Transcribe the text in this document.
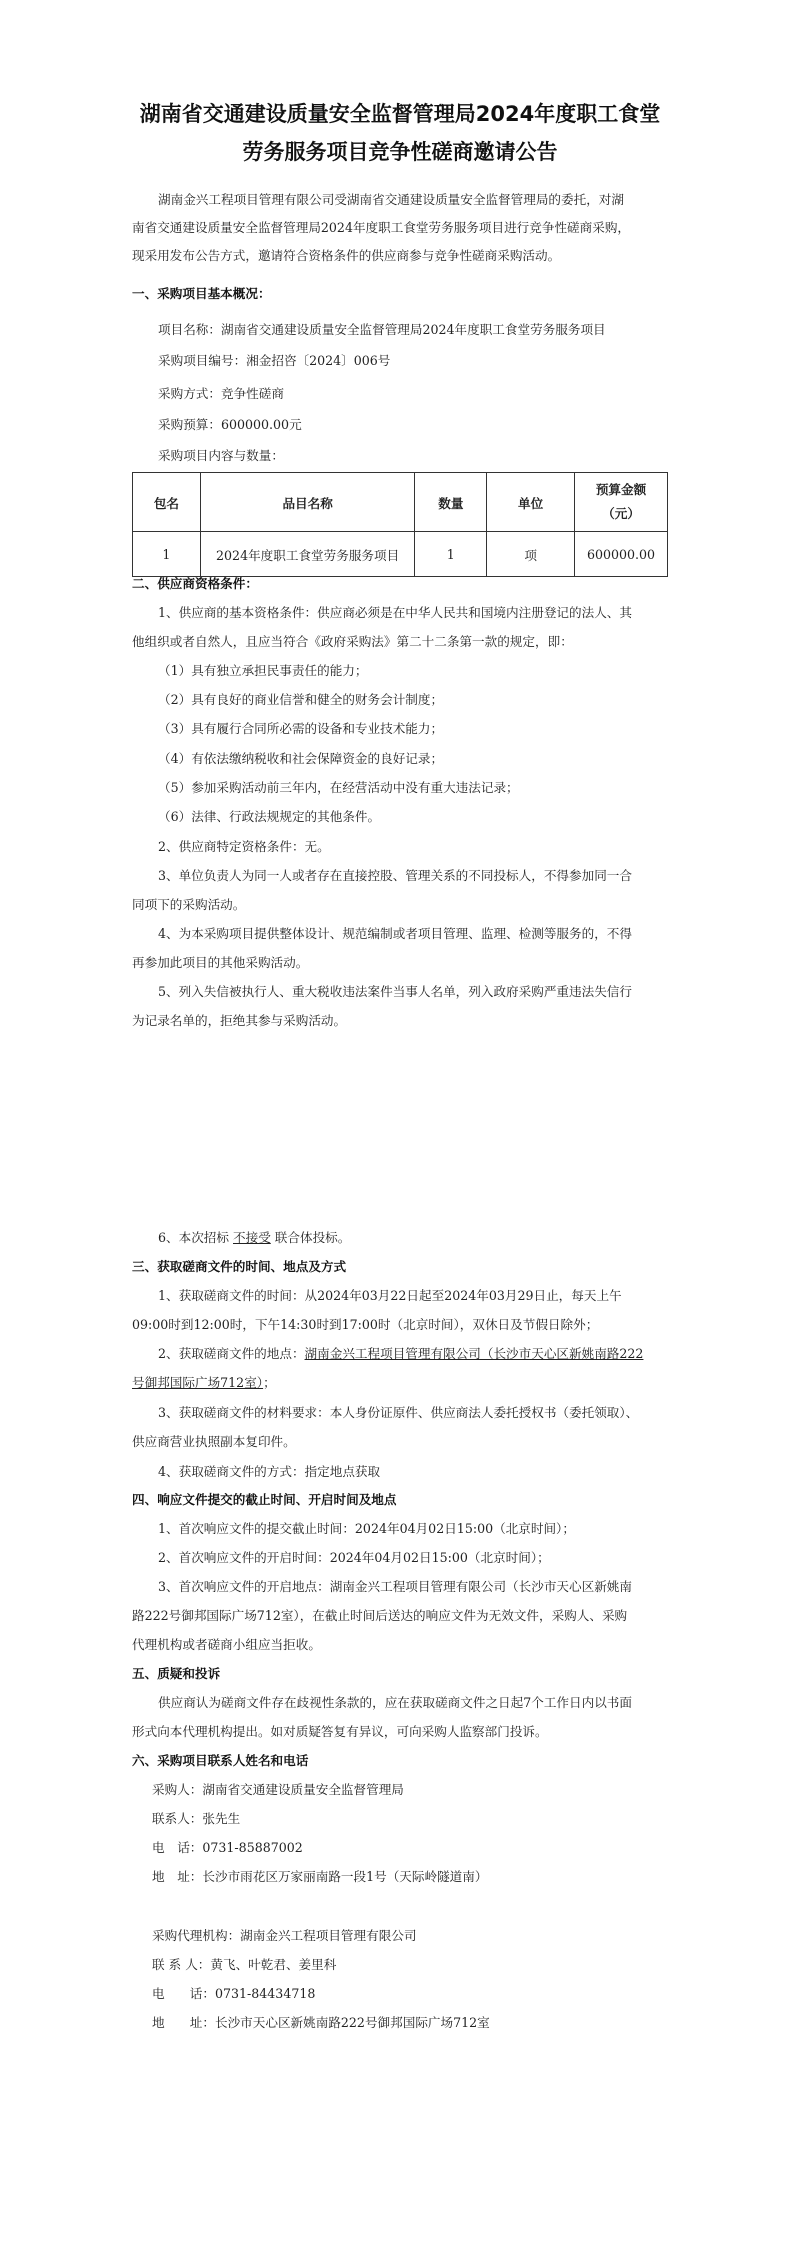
湖南省交通建设质量安全监督管理局2024年度职工食堂
劳务服务项目竞争性磋商邀请公告
湖南金兴工程项目管理有限公司受湖南省交通建设质量安全监督管理局的委托，对湖
南省交通建设质量安全监督管理局2024年度职工食堂劳务服务项目进行竞争性磋商采购，
现采用发布公告方式，邀请符合资格条件的供应商参与竞争性磋商采购活动。
一、采购项目基本概况：
项目名称：湖南省交通建设质量安全监督管理局2024年度职工食堂劳务服务项目
采购项目编号：湘金招咨〔2024〕006号
采购方式：竞争性磋商
采购预算：600000.00元
采购项目内容与数量：
包名	品目名称	数量	单位	预算金额
（元）
1	2024年度职工食堂劳务服务项目	1	项	600000.00
二、供应商资格条件：
1、供应商的基本资格条件：供应商必须是在中华人民共和国境内注册登记的法人、其
他组织或者自然人，且应当符合《政府采购法》第二十二条第一款的规定，即：
（1）具有独立承担民事责任的能力；
（2）具有良好的商业信誉和健全的财务会计制度；
（3）具有履行合同所必需的设备和专业技术能力；
（4）有依法缴纳税收和社会保障资金的良好记录；
（5）参加采购活动前三年内，在经营活动中没有重大违法记录；
（6）法律、行政法规规定的其他条件。
2、供应商特定资格条件：无。
3、单位负责人为同一人或者存在直接控股、管理关系的不同投标人，不得参加同一合
同项下的采购活动。
4、为本采购项目提供整体设计、规范编制或者项目管理、监理、检测等服务的，不得
再参加此项目的其他采购活动。
5、列入失信被执行人、重大税收违法案件当事人名单，列入政府采购严重违法失信行
为记录名单的，拒绝其参与采购活动。
6、本次招标 不接受 联合体投标。
三、获取磋商文件的时间、地点及方式
1、获取磋商文件的时间：从2024年03月22日起至2024年03月29日止，每天上午
09:00时到12:00时，下午14:30时到17:00时（北京时间），双休日及节假日除外；
2、获取磋商文件的地点：湖南金兴工程项目管理有限公司（长沙市天心区新姚南路222
号御邦国际广场712室）；
3、获取磋商文件的材料要求：本人身份证原件、供应商法人委托授权书（委托领取）、
供应商营业执照副本复印件。
4、获取磋商文件的方式：指定地点获取
四、响应文件提交的截止时间、开启时间及地点
1、首次响应文件的提交截止时间：2024年04月02日15:00（北京时间）；
2、首次响应文件的开启时间：2024年04月02日15:00（北京时间）；
3、首次响应文件的开启地点：湖南金兴工程项目管理有限公司（长沙市天心区新姚南
路222号御邦国际广场712室），在截止时间后送达的响应文件为无效文件，采购人、采购
代理机构或者磋商小组应当拒收。
五、质疑和投诉
供应商认为磋商文件存在歧视性条款的，应在获取磋商文件之日起7个工作日内以书面
形式向本代理机构提出。如对质疑答复有异议，可向采购人监察部门投诉。
六、采购项目联系人姓名和电话
采购人：湖南省交通建设质量安全监督管理局
联系人：张先生
电　话：0731-85887002
地　址：长沙市雨花区万家丽南路一段1号（天际岭隧道南）
采购代理机构：湖南金兴工程项目管理有限公司
联 系 人：黄飞、叶乾君、姜里科
电　　话：0731-84434718
地　　址：长沙市天心区新姚南路222号御邦国际广场712室
